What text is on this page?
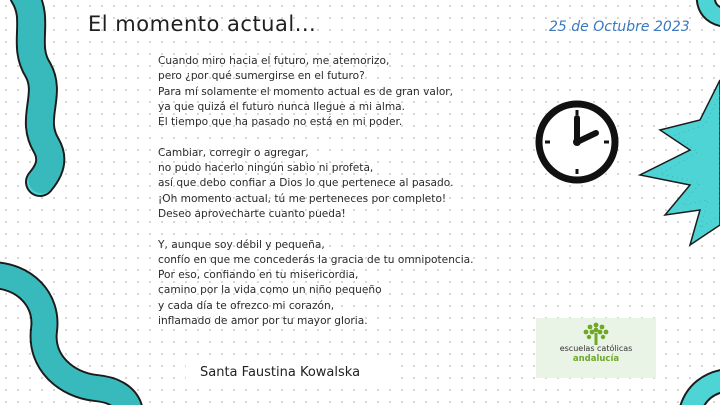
El momento actual...	25 de Octubre 2023
Cuando miro hacia el futuro, me atemorizo,
pero ¿por qué sumergirse en el futuro?
Para mí solamente el momento actual es de gran valor,
ya que quizá el futuro nunca llegue a mi alma.
El tiempo que ha pasado no está en mi poder.
Cambiar, corregir o agregar,
no pudo hacerlo ningún sabio ni profeta,
así que debo confiar a Dios lo que pertenece al pasado.
¡Oh momento actual, tú me perteneces por completo!
Deseo aprovecharte cuanto pueda!
Y, aunque soy débil y pequeña,
confío en que me concederás la gracia de tu omnipotencia.
Por eso, confiando en tu misericordia,
camino por la vida como un niño pequeño
y cada día te ofrezco mi corazón,
inflamado de amor por tu mayor gloria.
Santa Faustina Kowalska
escuelas católicas
andalucía
